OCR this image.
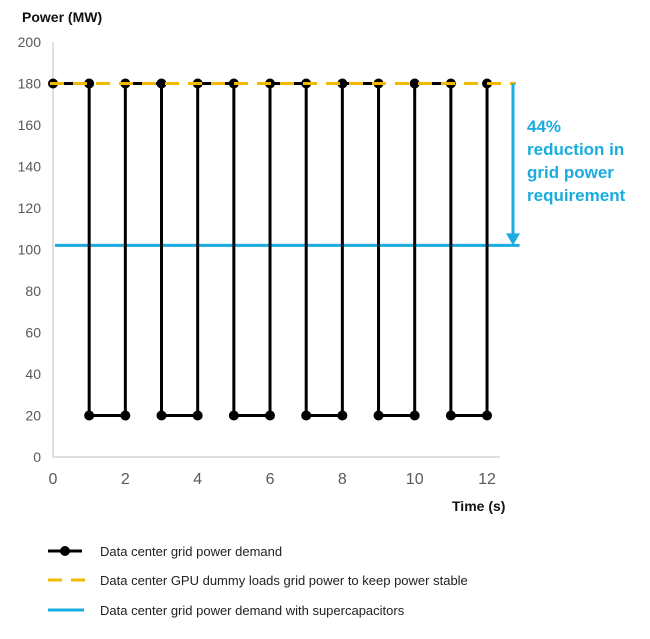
Power (MW)
Time (s)
0
20
40
60
80
100
120
140
160
180
200
0	2	4	6	8	10	12
44%
reduction in
grid power
requirement
Data center grid power demand
Data center GPU dummy loads grid power to keep power stable
Data center grid power demand with supercapacitors
